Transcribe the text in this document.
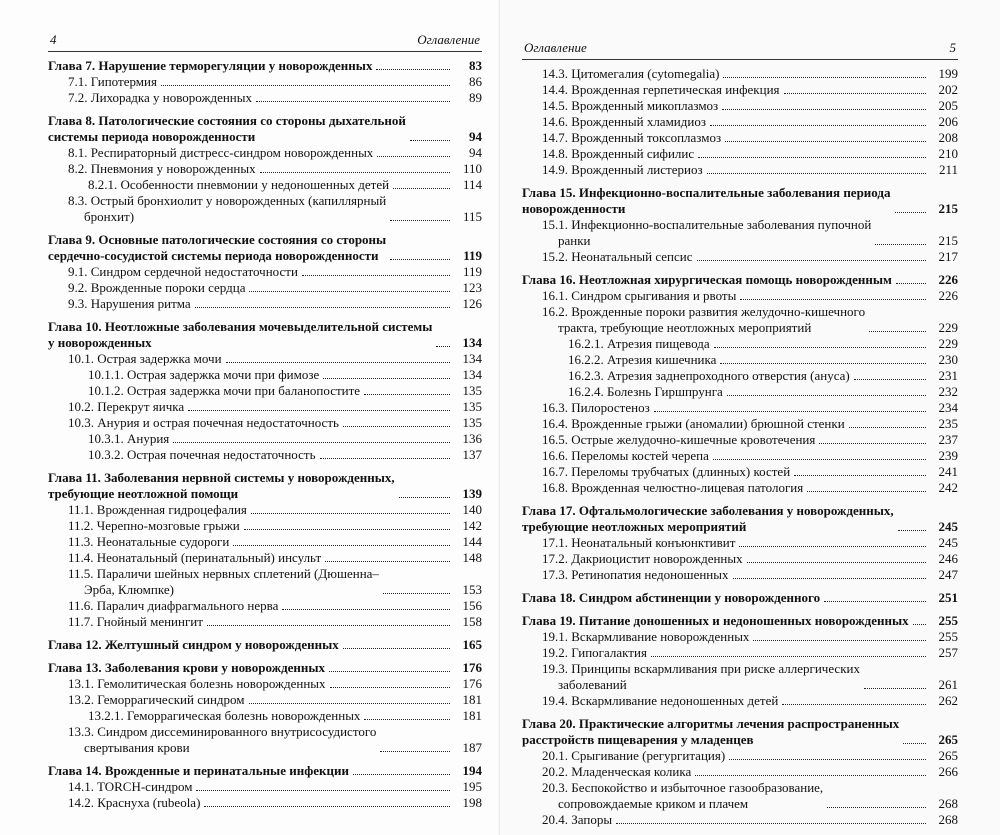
4	Оглавление
Глава 7. Нарушение терморегуляции у новорожденных	83
7.1. Гипотермия	86
7.2. Лихорадка у новорожденных	89
Глава 8. Патологические состояния со стороны дыхательной
системы периода новорожденности	94
8.1. Респираторный дистресс-синдром новорожденных	94
8.2. Пневмония у новорожденных	110
8.2.1. Особенности пневмонии у недоношенных детей	114
8.3. Острый бронхиолит у новорожденных (капиллярный
бронхит)	115
Глава 9. Основные патологические состояния со стороны
сердечно-сосудистой системы периода новорожденности	119
9.1. Синдром сердечной недостаточности	119
9.2. Врожденные пороки сердца	123
9.3. Нарушения ритма	126
Глава 10. Неотложные заболевания мочевыделительной системы
у новорожденных	134
10.1. Острая задержка мочи	134
10.1.1. Острая задержка мочи при фимозе	134
10.1.2. Острая задержка мочи при баланопостите	135
10.2. Перекрут яичка	135
10.3. Анурия и острая почечная недостаточность	135
10.3.1. Анурия	136
10.3.2. Острая почечная недостаточность	137
Глава 11. Заболевания нервной системы у новорожденных,
требующие неотложной помощи	139
11.1. Врожденная гидроцефалия	140
11.2. Черепно-мозговые грыжи	142
11.3. Неонатальные судороги	144
11.4. Неонатальный (перинатальный) инсульт	148
11.5. Параличи шейных нервных сплетений (Дюшенна–
Эрба, Клюмпке)	153
11.6. Паралич диафрагмального нерва	156
11.7. Гнойный менингит	158
Глава 12. Желтушный синдром у новорожденных	165
Глава 13. Заболевания крови у новорожденных	176
13.1. Гемолитическая болезнь новорожденных	176
13.2. Геморрагический синдром	181
13.2.1. Геморрагическая болезнь новорожденных	181
13.3. Синдром диссеминированного внутрисосудистого
свертывания крови	187
Глава 14. Врожденные и перинатальные инфекции	194
14.1. TORCH-синдром	195
14.2. Краснуха (rubeola)	198
Оглавление	5
14.3. Цитомегалия (cytomegalia)	199
14.4. Врожденная герпетическая инфекция	202
14.5. Врожденный микоплазмоз	205
14.6. Врожденный хламидиоз	206
14.7. Врожденный токсоплазмоз	208
14.8. Врожденный сифилис	210
14.9. Врожденный листериоз	211
Глава 15. Инфекционно-воспалительные заболевания периода
новорожденности	215
15.1. Инфекционно-воспалительные заболевания пупочной
ранки	215
15.2. Неонатальный сепсис	217
Глава 16. Неотложная хирургическая помощь новорожденным	226
16.1. Синдром срыгивания и рвоты	226
16.2. Врожденные пороки развития желудочно-кишечного
тракта, требующие неотложных мероприятий	229
16.2.1. Атрезия пищевода	229
16.2.2. Атрезия кишечника	230
16.2.3. Атрезия заднепроходного отверстия (ануса)	231
16.2.4. Болезнь Гиршпрунга	232
16.3. Пилоростеноз	234
16.4. Врожденные грыжи (аномалии) брюшной стенки	235
16.5. Острые желудочно-кишечные кровотечения	237
16.6. Переломы костей черепа	239
16.7. Переломы трубчатых (длинных) костей	241
16.8. Врожденная челюстно-лицевая патология	242
Глава 17. Офтальмологические заболевания у новорожденных,
требующие неотложных мероприятий	245
17.1. Неонатальный конъюнктивит	245
17.2. Дакриоцистит новорожденных	246
17.3. Ретинопатия недоношенных	247
Глава 18. Синдром абстиненции у новорожденного	251
Глава 19. Питание доношенных и недоношенных новорожденных	255
19.1. Вскармливание новорожденных	255
19.2. Гипогалактия	257
19.3. Принципы вскармливания при риске аллергических
заболеваний	261
19.4. Вскармливание недоношенных детей	262
Глава 20. Практические алгоритмы лечения распространенных
расстройств пищеварения у младенцев	265
20.1. Срыгивание (регургитация)	265
20.2. Младенческая колика	266
20.3. Беспокойство и избыточное газообразование,
сопровождаемые криком и плачем	268
20.4. Запоры	268
